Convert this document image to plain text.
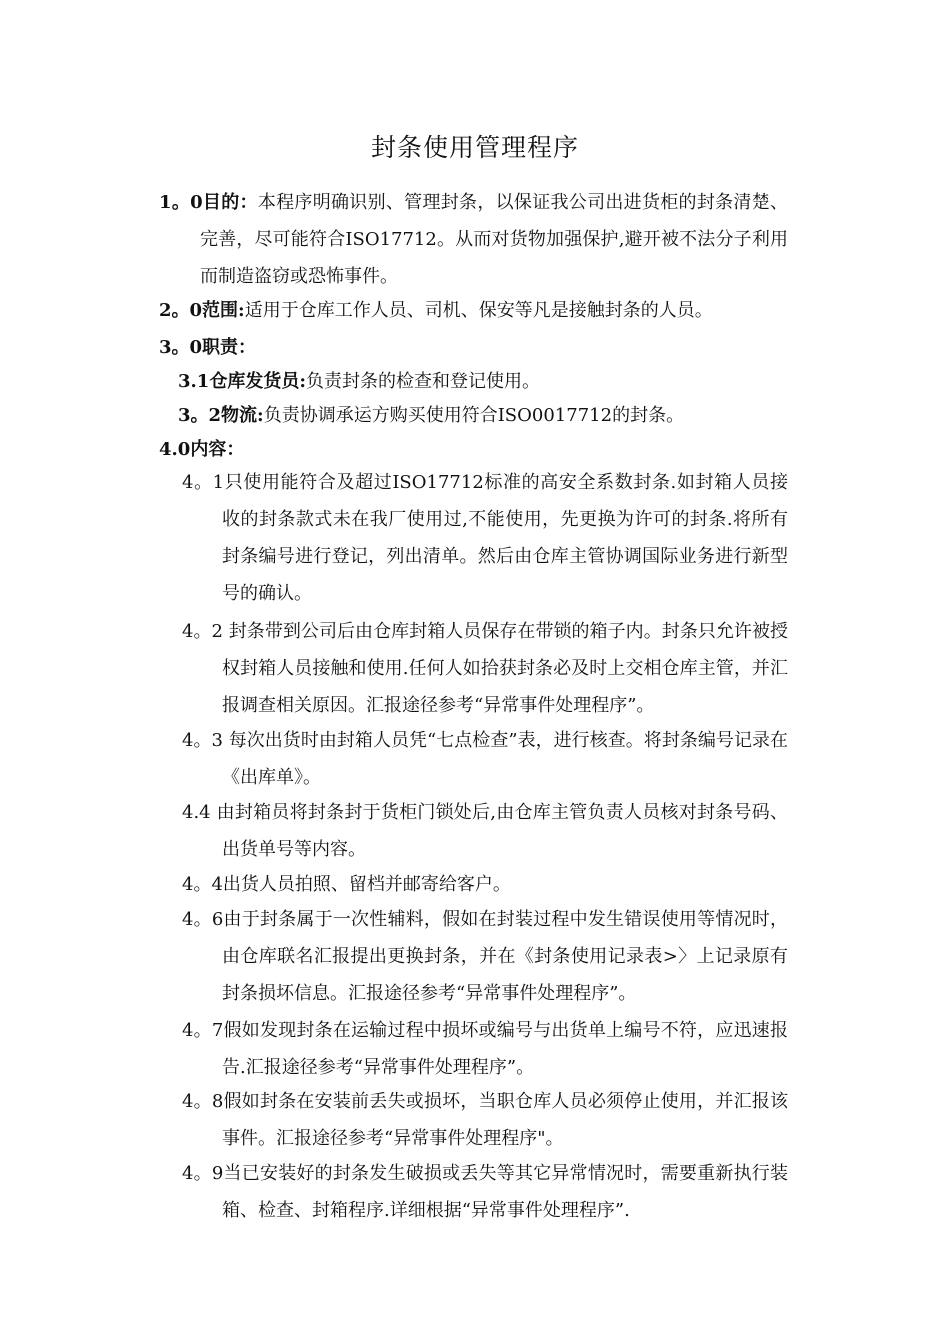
封条使用管理程序
1。0目的：本程序明确识别、管理封条，以保证我公司出进货柜的封条清楚、完善，尽可能符合ISO17712。从而对货物加强保护,避开被不法分子利用而制造盗窃或恐怖事件。
2。0范围:适用于仓库工作人员、司机、保安等凡是接触封条的人员。
3。0职责：
3.1仓库发货员:负责封条的检查和登记使用。
3。2物流:负责协调承运方购买使用符合ISO0017712的封条。
4.0内容：
4。1只使用能符合及超过ISO17712标准的高安全系数封条.如封箱人员接收的封条款式未在我厂使用过,不能使用，先更换为许可的封条.将所有封条编号进行登记，列出清单。然后由仓库主管协调国际业务进行新型号的确认。
4。2 封条带到公司后由仓库封箱人员保存在带锁的箱子内。封条只允许被授权封箱人员接触和使用.任何人如拾获封条必及时上交相仓库主管，并汇报调查相关原因。汇报途径参考“异常事件处理程序”。
4。3 每次出货时由封箱人员凭“七点检查”表，进行核查。将封条编号记录在《出库单》。
4.4 由封箱员将封条封于货柜门锁处后,由仓库主管负责人员核对封条号码、出货单号等内容。
4。4出货人员拍照、留档并邮寄给客户。
4。6由于封条属于一次性辅料，假如在封装过程中发生错误使用等情况时，由仓库联名汇报提出更换封条，并在《封条使用记录表>〉上记录原有封条损坏信息。汇报途径参考“异常事件处理程序”。
4。7假如发现封条在运输过程中损坏或编号与出货单上编号不符，应迅速报告.汇报途径参考“异常事件处理程序”。
4。8假如封条在安装前丢失或损坏，当职仓库人员必须停止使用，并汇报该事件。汇报途径参考“异常事件处理程序"。
4。9当已安装好的封条发生破损或丢失等其它异常情况时，需要重新执行装箱、检查、封箱程序.详细根据“异常事件处理程序”.
